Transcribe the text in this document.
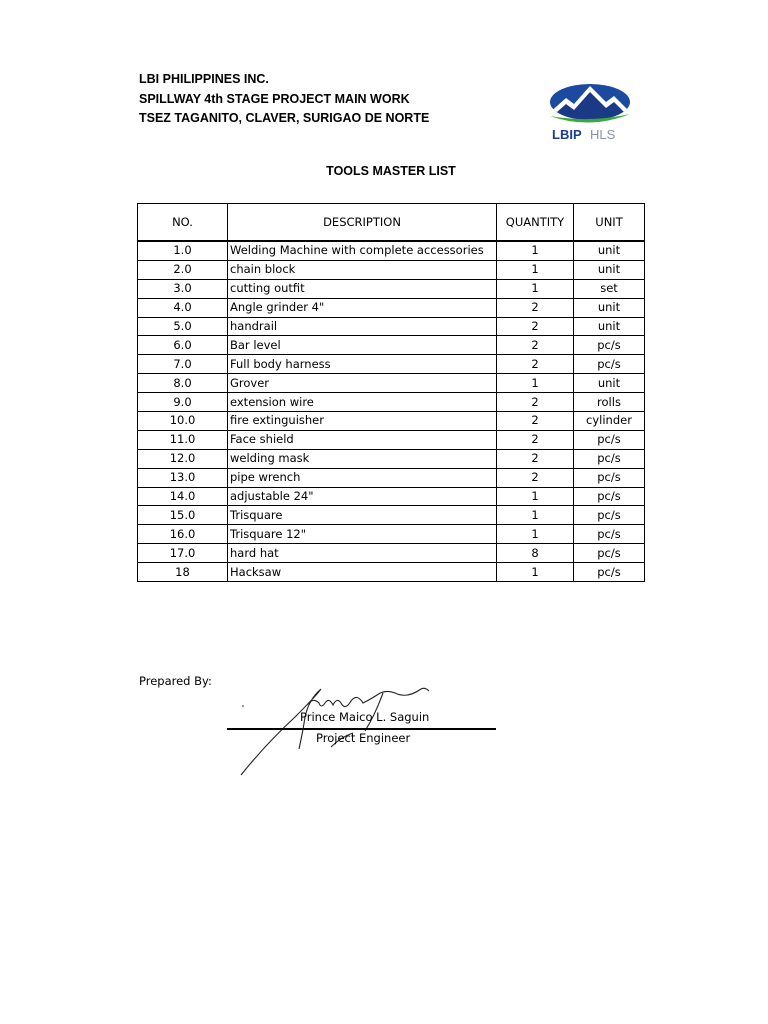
LBI PHILIPPINES INC.
SPILLWAY 4th STAGE PROJECT MAIN WORK
TSEZ TAGANITO, CLAVER, SURIGAO DE NORTE
LBIP HLS
TOOLS MASTER LIST
NO.	DESCRIPTION	QUANTITY	UNIT
1.0	Welding Machine with complete accessories	1	unit
2.0	chain block	1	unit
3.0	cutting outfit	1	set
4.0	Angle grinder 4"	2	unit
5.0	handrail	2	unit
6.0	Bar level	2	pc/s
7.0	Full body harness	2	pc/s
8.0	Grover	1	unit
9.0	extension wire	2	rolls
10.0	fire extinguisher	2	cylinder
11.0	Face shield	2	pc/s
12.0	welding mask	2	pc/s
13.0	pipe wrench	2	pc/s
14.0	adjustable 24"	1	pc/s
15.0	Trisquare	1	pc/s
16.0	Trisquare 12"	1	pc/s
17.0	hard hat	8	pc/s
18	Hacksaw	1	pc/s
Prepared By:
Prince Maico L. Saguin
Project Engineer
